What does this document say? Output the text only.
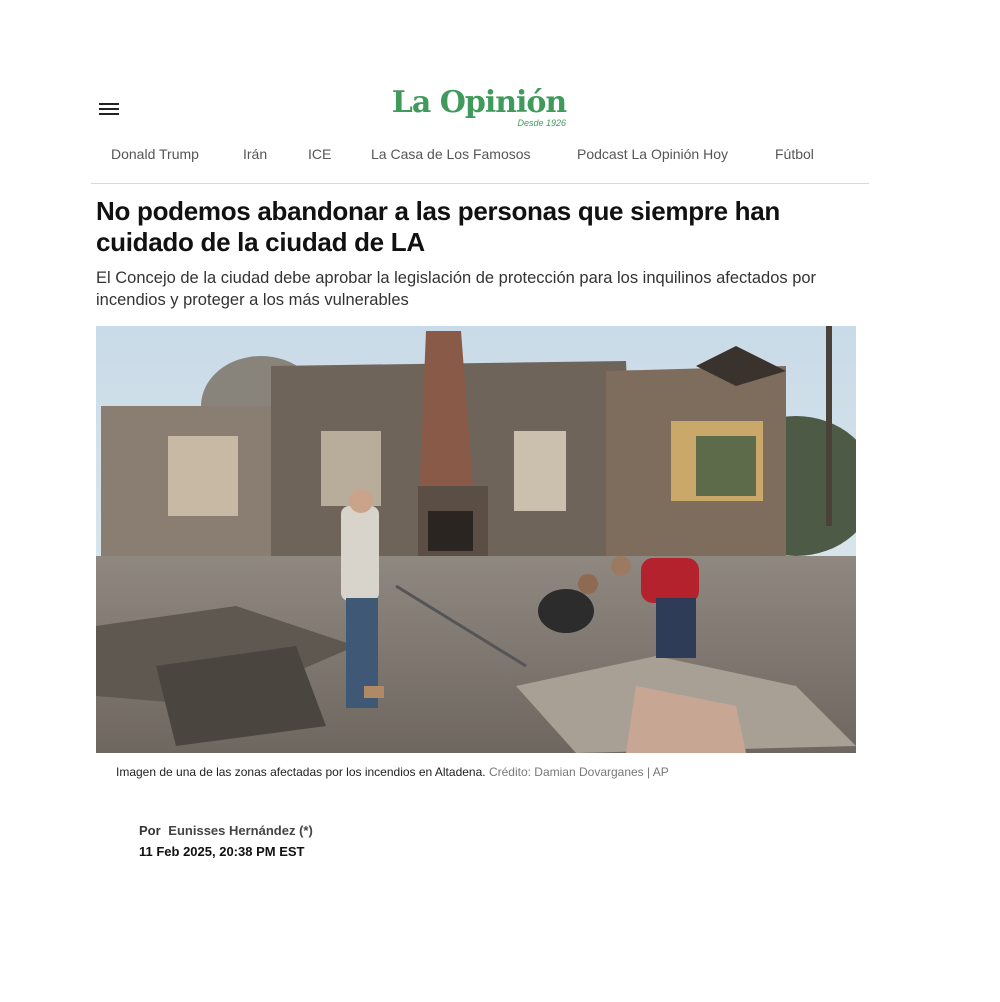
La Opinión
Desde 1926
Donald Trump	Irán	ICE	La Casa de Los Famosos	Podcast La Opinión Hoy	Fútbol
No podemos abandonar a las personas que siempre han cuidado de la ciudad de LA

El Concejo de la ciudad debe aprobar la legislación de protección para los inquilinos afectados por incendios y proteger a los más vulnerables

Imagen de una de las zonas afectadas por los incendios en Altadena. Crédito: Damian Dovarganes | AP
Por Eunisses Hernández (*)
11 Feb 2025, 20:38 PM EST
